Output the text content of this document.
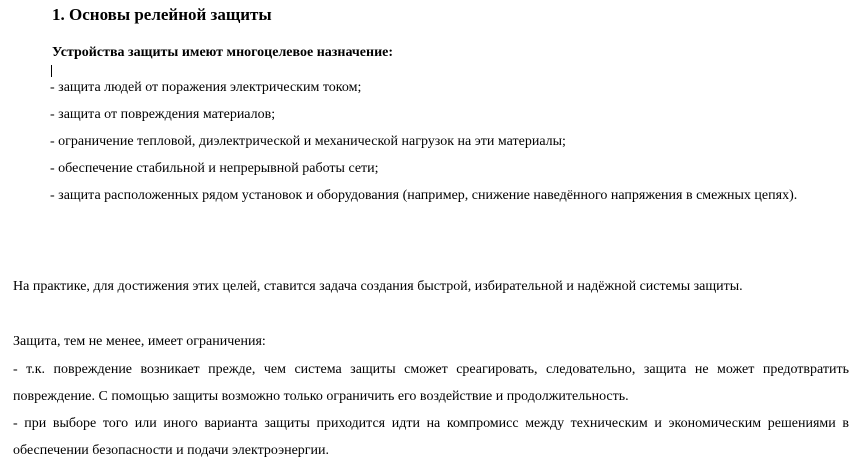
1. Основы релейной защиты

Устройства защиты имеют многоцелевое назначение:

- защита людей от поражения электрическим током;
- защита от повреждения материалов;
- ограничение тепловой, диэлектрической и механической нагрузок на эти материалы;
- обеспечение стабильной и непрерывной работы сети;
- защита расположенных рядом установок и оборудования (например, снижение наведённого напряжения в смежных цепях).

На практике, для достижения этих целей, ставится задача создания быстрой, избирательной и надёжной системы защиты.

Защита, тем не менее, имеет ограничения:

- т.к. повреждение возникает прежде, чем система защиты сможет среагировать, следовательно, защита не может предотвратить повреждение. С помощью защиты возможно только ограничить его воздействие и продолжительность.

- при выборе того или иного варианта защиты приходится идти на компромисс между техническим и экономическим решениями в обеспечении безопасности и подачи электроэнергии.
